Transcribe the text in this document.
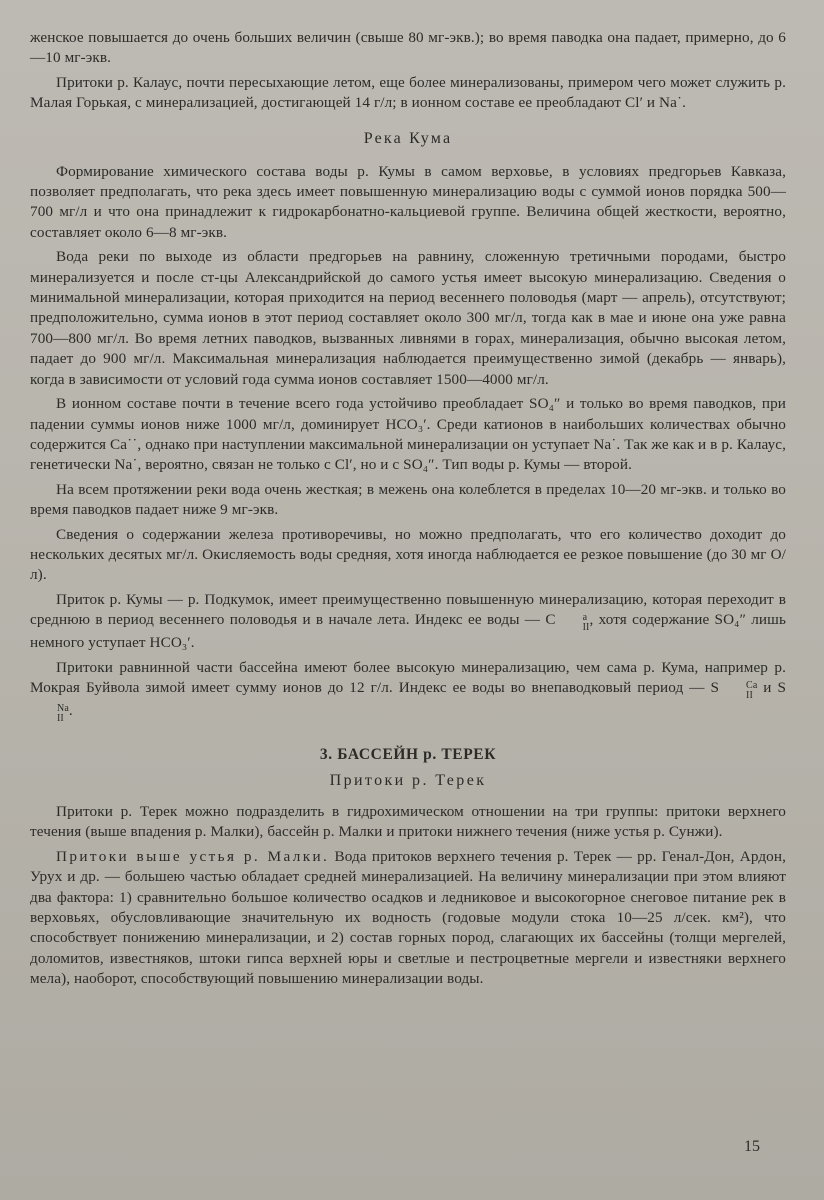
женское повышается до очень больших величин (свыше 80 мг-экв.); во время паводка она падает, примерно, до 6—10 мг-экв.

Притоки р. Калаус, почти пересыхающие летом, еще более минерализованы, примером чего может служить р. Малая Горькая, с минерализацией, достигающей 14 г/л; в ионном составе ее преобладают Cl′ и Na˙.

Река Кума

Формирование химического состава воды р. Кумы в самом верховье, в условиях предгорьев Кавказа, позволяет предполагать, что река здесь имеет повышенную минерализацию воды с суммой ионов порядка 500—700 мг/л и что она принадлежит к гидрокарбонатно-кальциевой группе. Величина общей жесткости, вероятно, составляет около 6—8 мг-экв.

Вода реки по выходе из области предгорьев на равнину, сложенную третичными породами, быстро минерализуется и после ст-цы Александрийской до самого устья имеет высокую минерализацию. Сведения о минимальной минерализации, которая приходится на период весеннего половодья (март — апрель), отсутствуют; предположительно, сумма ионов в этот период составляет около 300 мг/л, тогда как в мае и июне она уже равна 700—800 мг/л. Во время летних паводков, вызванных ливнями в горах, минерализация, обычно высокая летом, падает до 900 мг/л. Максимальная минерализация наблюдается преимущественно зимой (декабрь — январь), когда в зависимости от условий года сумма ионов составляет 1500—4000 мг/л.

В ионном составе почти в течение всего года устойчиво преобладает SO₄″ и только во время паводков, при падении суммы ионов ниже 1000 мг/л, доминирует HCO₃′. Среди катионов в наибольших количествах обычно содержится Ca˙˙, однако при наступлении максимальной минерализации он уступает Na˙. Так же как и в р. Калаус, генетически Na˙, вероятно, связан не только с Cl′, но и с SO₄″. Тип воды р. Кумы — второй.

На всем протяжении реки вода очень жесткая; в межень она колеблется в пределах 10—20 мг-экв. и только во время паводков падает ниже 9 мг-экв.

Сведения о содержании железа противоречивы, но можно предполагать, что его количество доходит до нескольких десятых мг/л. Окисляемость воды средняя, хотя иногда наблюдается ее резкое повышение (до 30 мг O/л).

Приток р. Кумы — р. Подкумок, имеет преимущественно повышенную минерализацию, которая переходит в среднюю в период весеннего половодья и в начале лета. Индекс ее воды — C	a
II , хотя содержание SO₄″ лишь немного уступает HCO₃′.

Притоки равнинной части бассейна имеют более высокую минерализацию, чем сама р. Кума, например р. Мокрая Буйвола зимой имеет сумму ионов до 12 г/л. Индекс ее воды во внепаводковый период — S	Ca
II и S
Na
II .

3. БАССЕЙН р. ТЕРЕК
Притоки р. Терек

Притоки р. Терек можно подразделить в гидрохимическом отношении на три группы: притоки верхнего течения (выше впадения р. Малки), бассейн р. Малки и притоки нижнего течения (ниже устья р. Сунжи).

Притоки выше устья р. Малки. Вода притоков верхнего течения р. Терек — рр. Генал-Дон, Ардон, Урух и др. — большею частью обладает средней минерализацией. На величину минерализации при этом влияют два фактора: 1) сравнительно большое количество осадков и ледниковое и высокогорное снеговое питание рек в верховьях, обусловливающие значительную их водность (годовые модули стока 10—25 л/сек. км²), что способствует понижению минерализации, и 2) состав горных пород, слагающих их бассейны (толщи мергелей, доломитов, известняков, штоки гипса верхней юры и светлые и пестроцветные мергели и известняки верхнего мела), наоборот, способствующий повышению минерализации воды.

15
